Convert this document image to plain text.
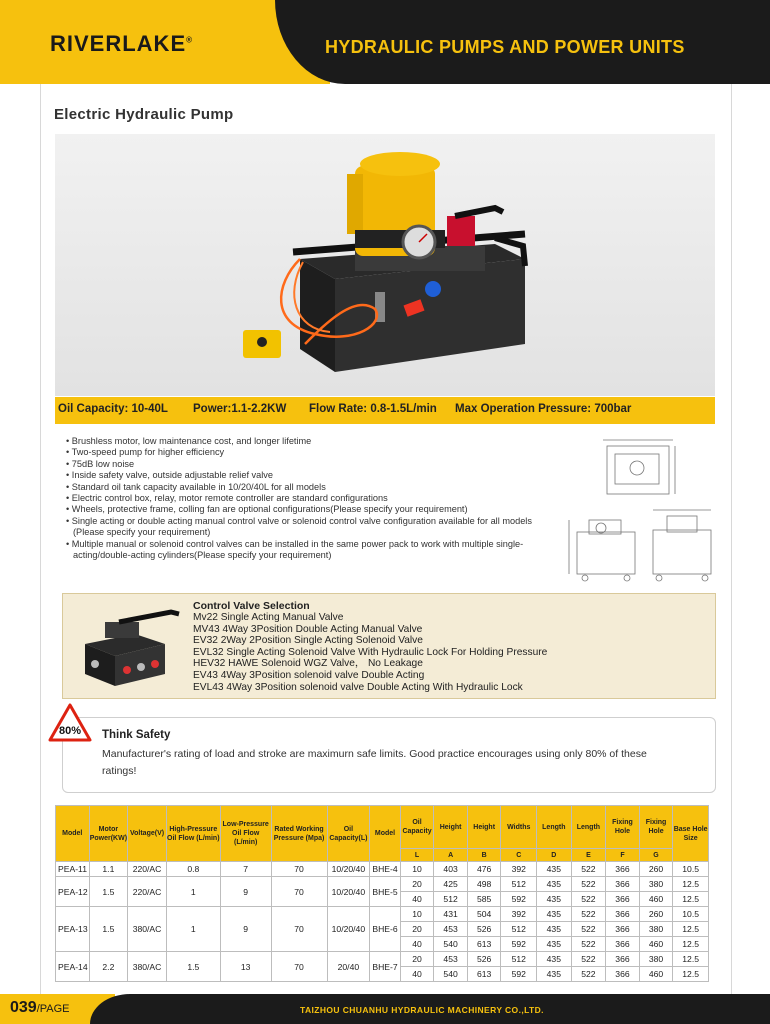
RIVERLAKE®	HYDRAULIC PUMPS AND POWER UNITS
Electric Hydraulic Pump
Oil Capacity: 10-40L Power:1.1-2.2KW Flow Rate: 0.8-1.5L/min Max Operation Pressure: 700bar
• Brushless motor, low maintenance cost, and longer lifetime
• Two-speed pump for higher efficiency
• 75dB low noise
• Inside safety valve, outside adjustable relief valve
• Standard oil tank capacity available in 10/20/40L for all models
• Electric control box, relay, motor remote controller are standard configurations
• Wheels, protective frame, colling fan are optional configurations(Please specify your requirement)
• Single acting or double acting manual control valve or solenoid control valve configuration available for all models (Please specify your requirement)
• Multiple manual or solenoid control valves can be installed in the same power pack to work with multiple single-acting/double-acting cylinders(Please specify your requirement)
Control Valve Selection
Mv22 Single Acting Manual Valve
MV43 4Way 3Position Double Acting Manual Valve
EV32 2Way 2Position Single Acting Solenoid Valve
EVL32 Single Acting Solenoid Valve With Hydraulic Lock For Holding Pressure
HEV32 HAWE Solenoid WGZ Valve， No Leakage
EV43 4Way 3Position solenoid valve Double Acting
EVL43 4Way 3Position solenoid valve Double Acting With Hydraulic Lock
80% Think Safety
Manufacturer's rating of load and stroke are maximurn safe limits. Good practice encourages using only 80% of these ratings!
Model	Motor Power(KW)	Voltage(V)	High-Pressure Oil Flow (L/min)	Low-Pressure Oil Flow (L/min)	Rated Working Pressure (Mpa)	Oil Capacity(L)	Model	Oil Capacity	Height	Height	Widths	Length	Length	Fixing Hole	Fixing Hole	Base Hole Size
								L	A	B	C	D	E	F	G	
PEA-11	1.1	220/AC	0.8	7	70	10/20/40	BHE-4	10	403	476	392	435	522	366	260	10.5
PEA-12	1.5	220/AC	1	9	70	10/20/40	BHE-5	20	425	498	512	435	522	366	380	12.5
								40	512	585	592	435	522	366	460	12.5
PEA-13	1.5	380/AC	1	9	70	10/20/40	BHE-6	10	431	504	392	435	522	366	260	10.5
								20	453	526	512	435	522	366	380	12.5
								40	540	613	592	435	522	366	460	12.5
PEA-14	2.2	380/AC	1.5	13	70	20/40	BHE-7	20	453	526	512	435	522	366	380	12.5
								40	540	613	592	435	522	366	460	12.5
039/PAGE	TAIZHOU CHUANHU HYDRAULIC MACHINERY CO.,LTD.
